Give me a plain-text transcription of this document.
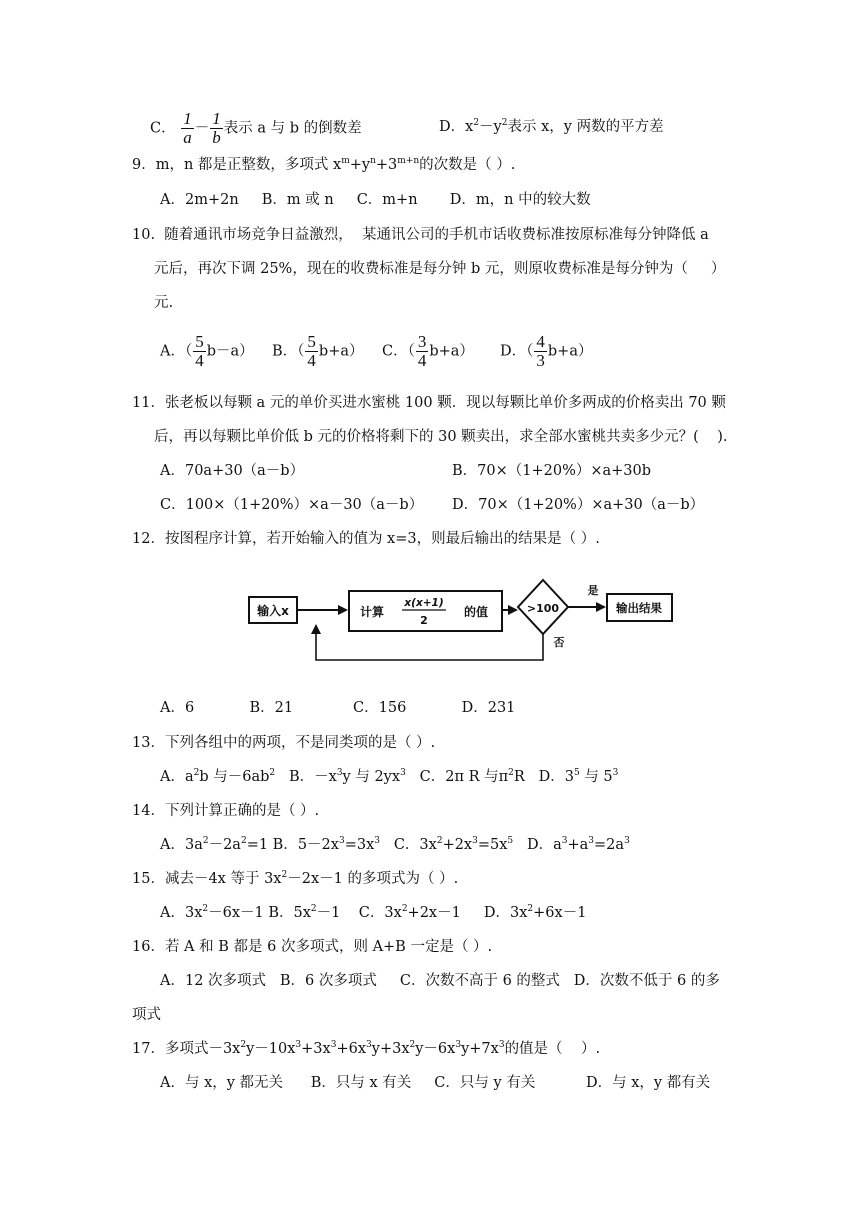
C． $\frac{1}{a} - \frac{1}{b}$ 表示 a 与 b 的倒数差	D．$x^2-y^2$表示 x，y 两数的平方差
9．m，n 都是正整数，多项式 $x^m+y^n+3^{m+n}$的次数是（ ）.
A．2m+2n     B．m 或 n     C．m+n       D．m，n 中的较大数
10.  随着通讯市场竞争日益激烈，  某通讯公司的手机市话收费标准按原标准每分钟降低 a
元后，再次下调 25%，现在的收费标准是每分钟 b 元，则原收费标准是每分钟为（     ）
元.
A．（ $\frac{5}{4} b-a$） B．（ $\frac{5}{4} b+a$） C．（ $\frac{3}{4} b+a$） D．（ $\frac{4}{3} b+a$）
11．张老板以每颗 a 元的单价买进水蜜桃 100 颗．现以每颗比单价多两成的价格卖出 70 颗
后，再以每颗比单价低 b 元的价格将剩下的 30 颗卖出，求全部水蜜桃共卖多少元？(    ).
A．70a+30（a－b）	B．70×（1+20%）×a+30b
C．100×（1+20%）×a－30（a－b） D．70×（1+20%）×a+30（a－b）
12．按图程序计算，若开始输入的值为 x=3，则最后输出的结果是（ ）.
输入x	计算
x(x+1)
2
的值	>100
是
输出结果
否
A．6            B．21             C．156            D．231
13．下列各组中的两项，不是同类项的是（ ）.
A．$a^2b$ 与$-6ab^2$   B．$-x^3y$ 与 $2yx^3$   C．2π R 与$\pi^2R$   D．$3^5$ 与 $5^3$
14．下列计算正确的是（ ）.
A．$3a^2-2a^2=1$ B．$5-2x^3=3x^3$   C．$3x^2+2x^3=5x^5$   D．$a^3+a^3=2a^3$
15．减去－4x 等于 $3x^2-2x-1$ 的多项式为（ ）.
A．$3x^2-6x-1$ B．$5x^2-1$    C．$3x^2+2x-1$     D．$3x^2+6x-1$
16．若 A 和 B 都是 6 次多项式，则 A+B 一定是（ ）.
A．12 次多项式   B．6 次多项式     C．次数不高于 6 的整式   D．次数不低于 6 的多
项式
17．多项式$-3x^2y-10x^3+3x^3+6x^3y+3x^2y-6x^3y+7x^3$的值是（    ）.
A．与 x，y 都无关      B．只与 x 有关     C．只与 y 有关           D．与 x，y 都有关
